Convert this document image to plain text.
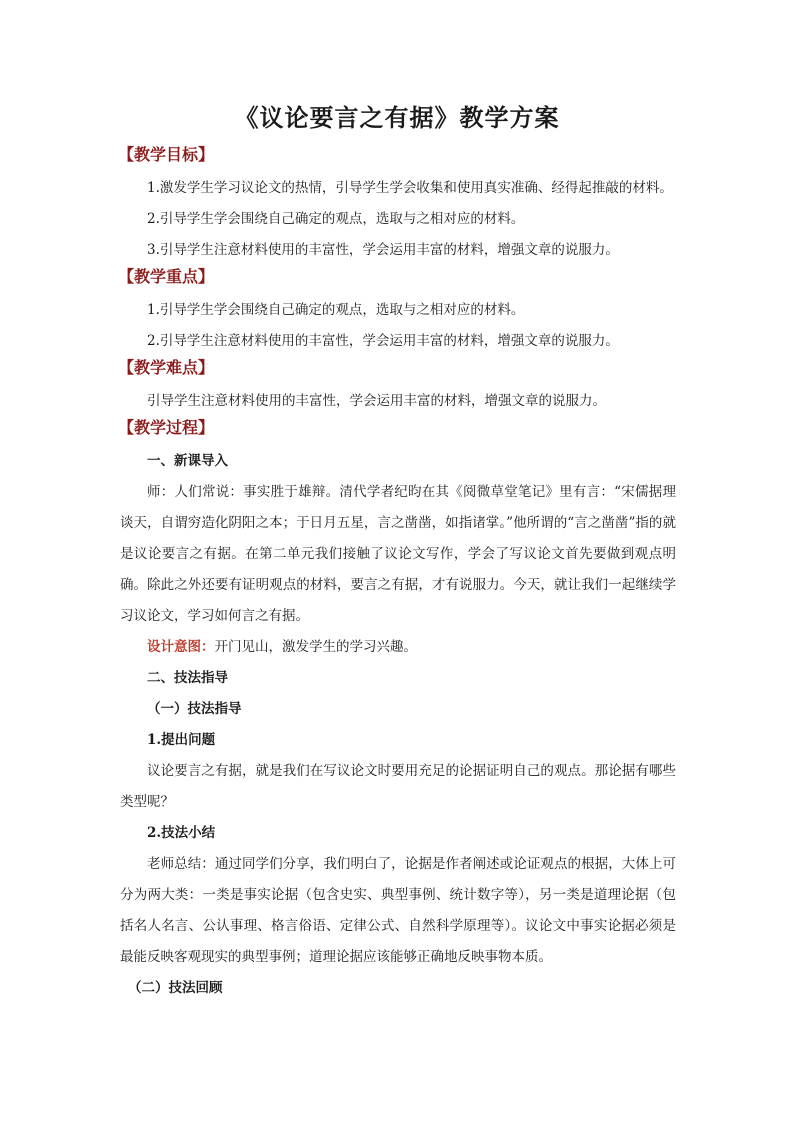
《议论要言之有据》教学方案
【教学目标】
1.激发学生学习议论文的热情，引导学生学会收集和使用真实准确、经得起推敲的材料。
2.引导学生学会围绕自己确定的观点，选取与之相对应的材料。
3.引导学生注意材料使用的丰富性，学会运用丰富的材料，增强文章的说服力。
【教学重点】
1.引导学生学会围绕自己确定的观点，选取与之相对应的材料。
2.引导学生注意材料使用的丰富性，学会运用丰富的材料，增强文章的说服力。
【教学难点】
引导学生注意材料使用的丰富性，学会运用丰富的材料，增强文章的说服力。
【教学过程】
一、新课导入

师：人们常说：事实胜于雄辩。清代学者纪昀在其《阅微草堂笔记》里有言：“宋儒据理谈天，自谓穷造化阴阳之本；于日月五星，言之凿凿，如指诸掌。”他所谓的“言之凿凿”指的就是议论要言之有据。在第二单元我们接触了议论文写作，学会了写议论文首先要做到观点明确。除此之外还要有证明观点的材料，要言之有据，才有说服力。今天，就让我们一起继续学习议论文，学习如何言之有据。

设计意图：开门见山，激发学生的学习兴趣。
二、技法指导
（一）技法指导
1.提出问题

议论要言之有据，就是我们在写议论文时要用充足的论据证明自己的观点。那论据有哪些类型呢？

2.技法小结

老师总结：通过同学们分享，我们明白了，论据是作者阐述或论证观点的根据，大体上可分为两大类：一类是事实论据（包含史实、典型事例、统计数字等），另一类是道理论据（包括名人名言、公认事理、格言俗语、定律公式、自然科学原理等）。议论文中事实论据必须是最能反映客观现实的典型事例；道理论据应该能够正确地反映事物本质。

（二）技法回顾
